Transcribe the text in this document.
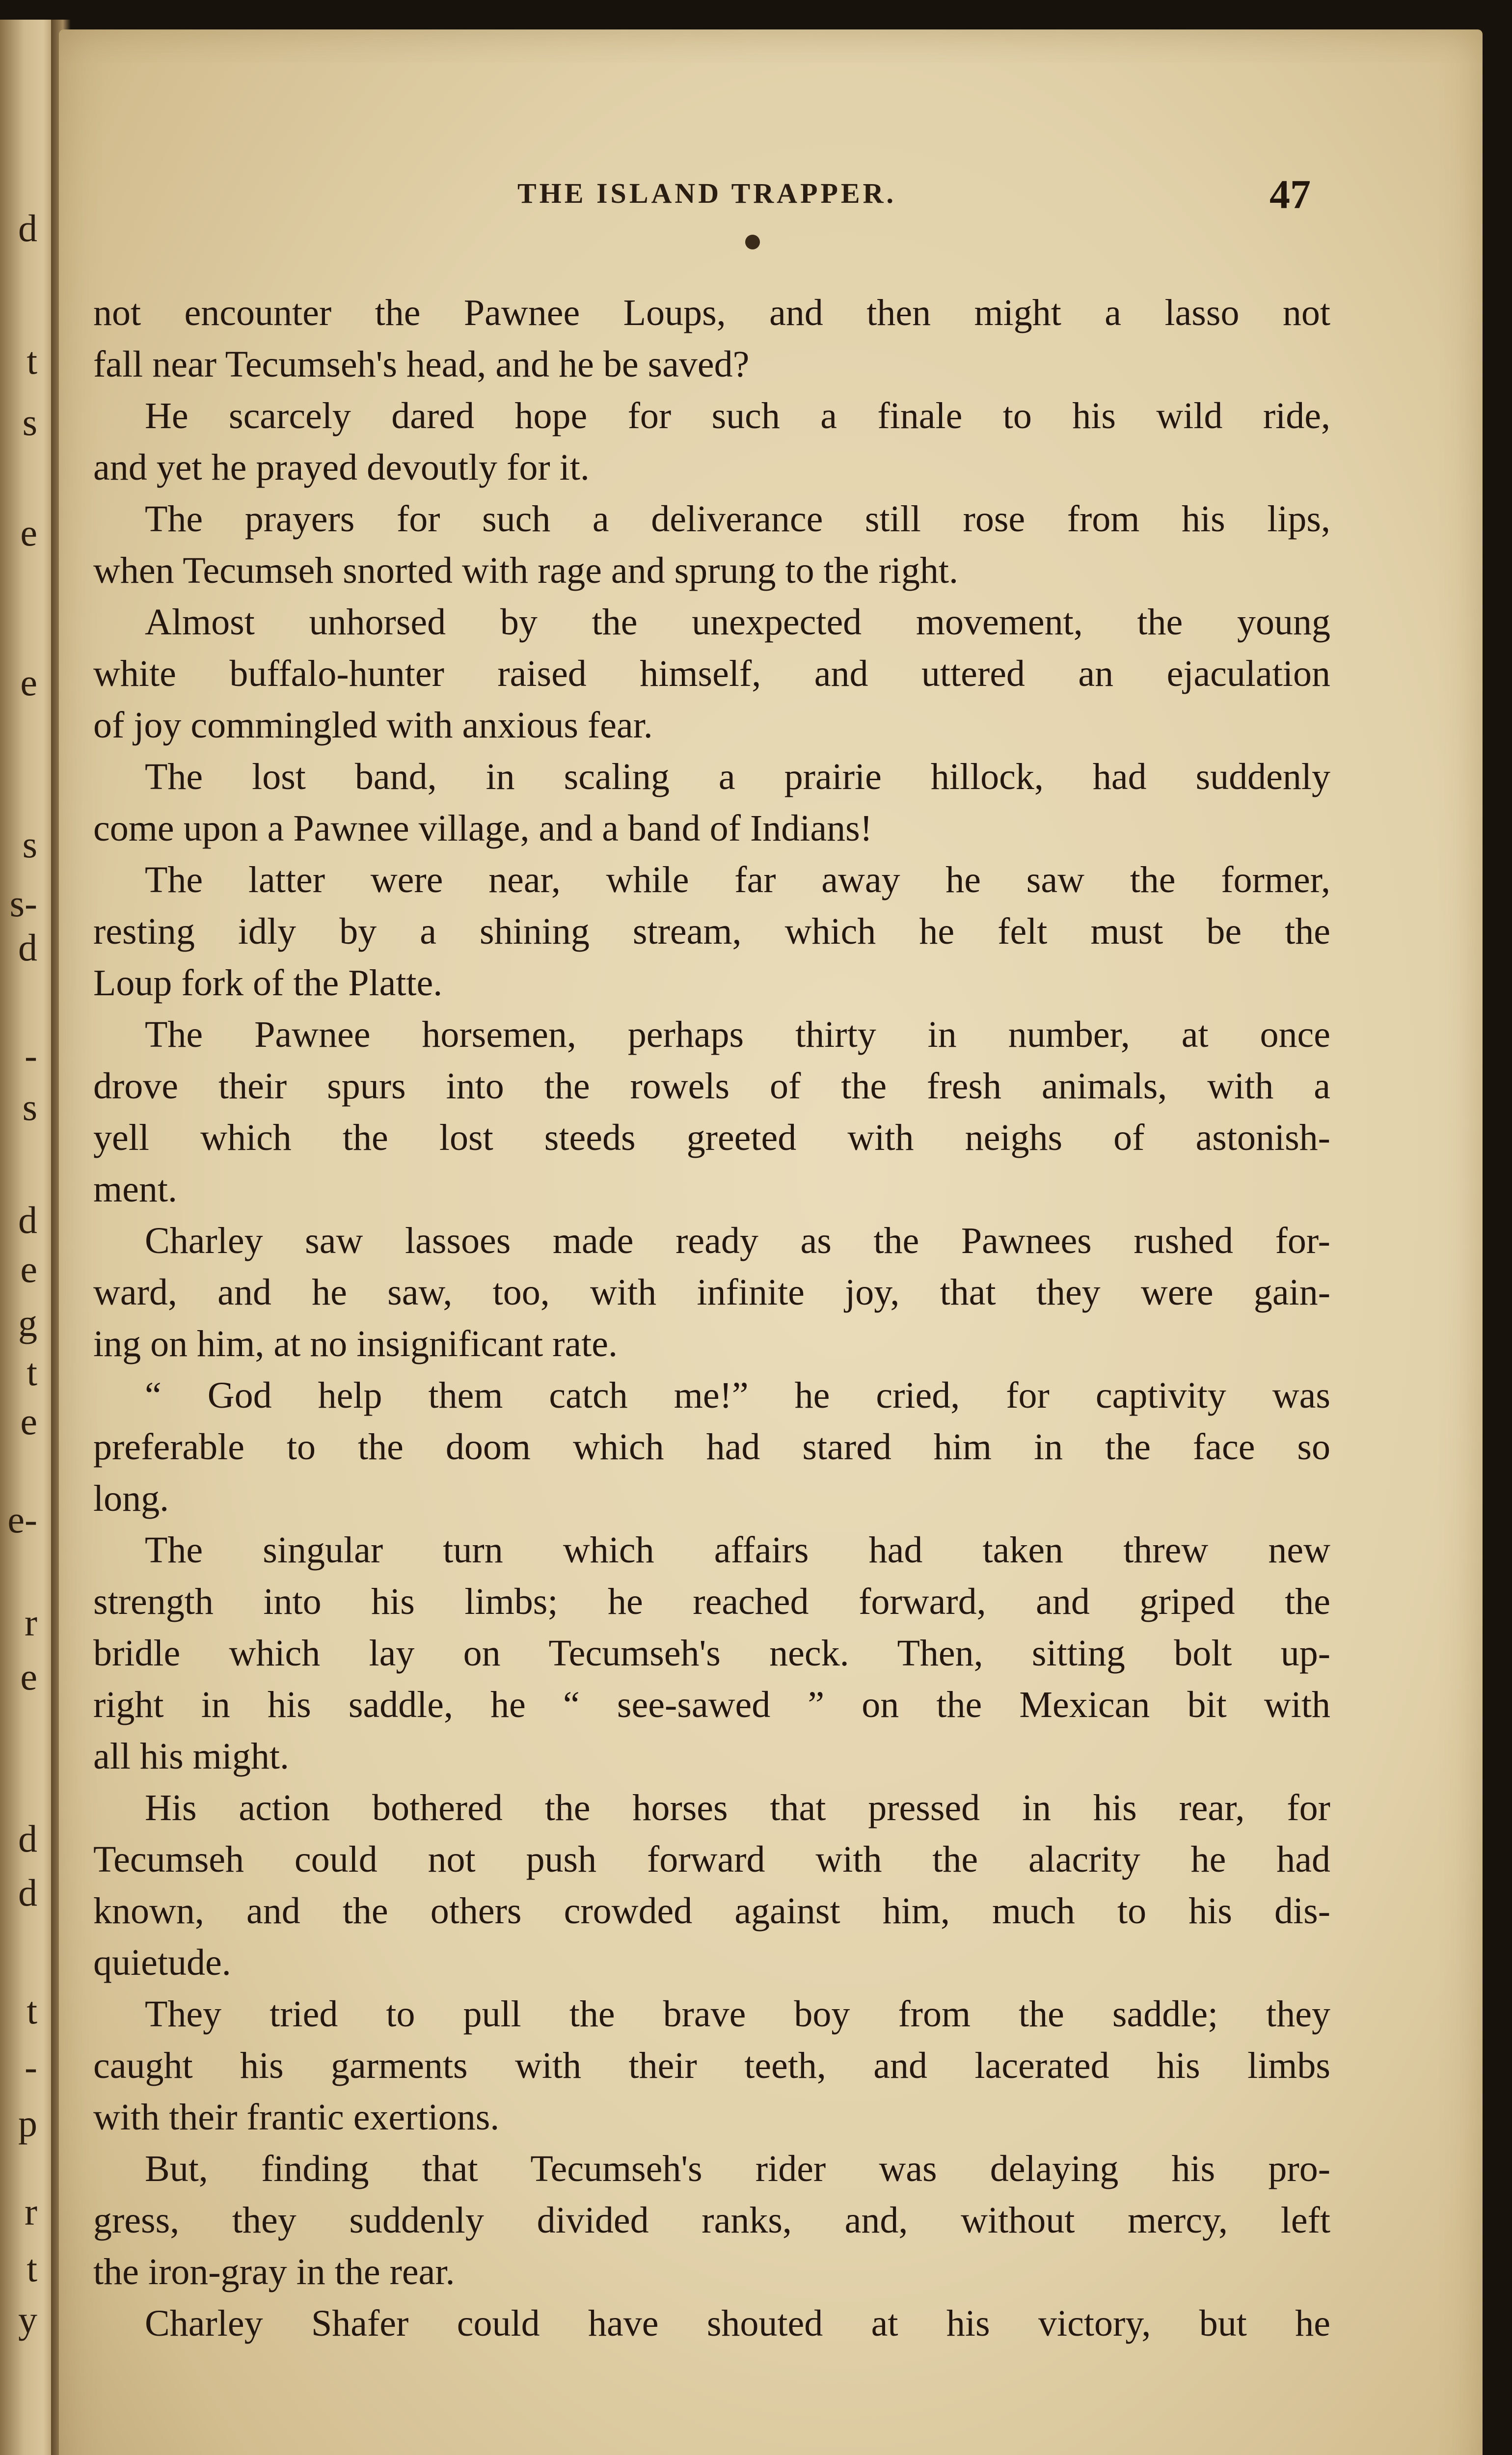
d
t
s
e
e
s
s-
d
-
s
d
e
g
t
e
e-
r
e
d
d
t
-
p
r
t
y
THE ISLAND TRAPPER.	47
not encounter the Pawnee Loups, and then might a lasso not
fall near Tecumseh's head, and he be saved?
He scarcely dared hope for such a finale to his wild ride,
and yet he prayed devoutly for it.
The prayers for such a deliverance still rose from his lips,
when Tecumseh snorted with rage and sprung to the right.
Almost unhorsed by the unexpected movement, the young
white buffalo-hunter raised himself, and uttered an ejaculation
of joy commingled with anxious fear.
The lost band, in scaling a prairie hillock, had suddenly
come upon a Pawnee village, and a band of Indians!
The latter were near, while far away he saw the former,
resting idly by a shining stream, which he felt must be the
Loup fork of the Platte.
The Pawnee horsemen, perhaps thirty in number, at once
drove their spurs into the rowels of the fresh animals, with a
yell which the lost steeds greeted with neighs of astonish-
ment.
Charley saw lassoes made ready as the Pawnees rushed for-
ward, and he saw, too, with infinite joy, that they were gain-
ing on him, at no insignificant rate.
“ God help them catch me!” he cried, for captivity was
preferable to the doom which had stared him in the face so
long.
The singular turn which affairs had taken threw new
strength into his limbs; he reached forward, and griped the
bridle which lay on Tecumseh's neck. Then, sitting bolt up-
right in his saddle, he “ see-sawed ” on the Mexican bit with
all his might.
His action bothered the horses that pressed in his rear, for
Tecumseh could not push forward with the alacrity he had
known, and the others crowded against him, much to his dis-
quietude.
They tried to pull the brave boy from the saddle; they
caught his garments with their teeth, and lacerated his limbs
with their frantic exertions.
But, finding that Tecumseh's rider was delaying his pro-
gress, they suddenly divided ranks, and, without mercy, left
the iron-gray in the rear.
Charley Shafer could have shouted at his victory, but he
